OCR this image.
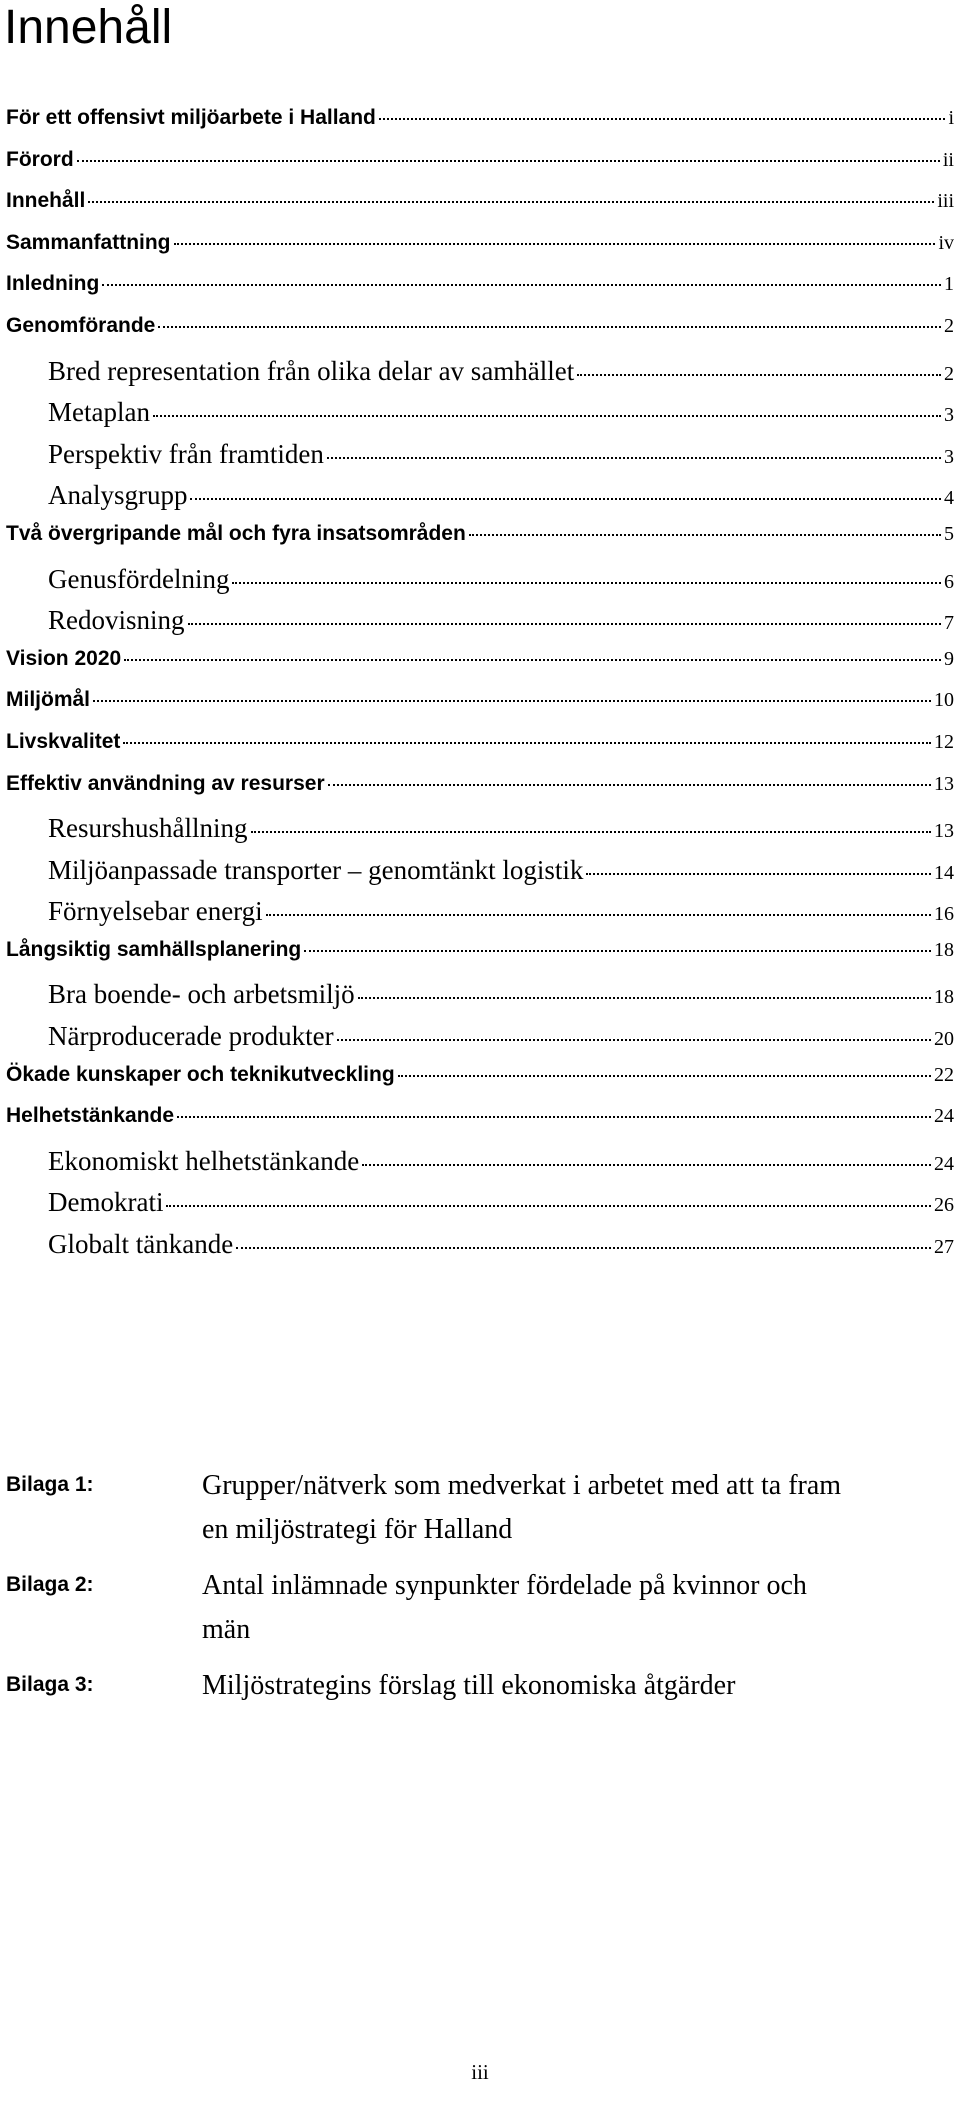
Innehåll
För ett offensivt miljöarbete i Halland	i
Förord	ii
Innehåll	iii
Sammanfattning	iv
Inledning	1
Genomförande	2
Bred representation från olika delar av samhället	2
Metaplan	3
Perspektiv från framtiden	3
Analysgrupp	4
Två övergripande mål och fyra insatsområden	5
Genusfördelning	6
Redovisning	7
Vision 2020	9
Miljömål	10
Livskvalitet	12
Effektiv användning av resurser	13
Resurshushållning	13
Miljöanpassade transporter – genomtänkt logistik	14
Förnyelsebar energi	16
Långsiktig samhällsplanering	18
Bra boende- och arbetsmiljö	18
Närproducerade produkter	20
Ökade kunskaper och teknikutveckling	22
Helhetstänkande	24
Ekonomiskt helhetstänkande	24
Demokrati	26
Globalt tänkande	27
Bilaga 1:	Grupper/nätverk som medverkat i arbetet med att ta fram en miljöstrategi för Halland
Bilaga 2:	Antal inlämnade synpunkter fördelade på kvinnor och män
Bilaga 3:	Miljöstrategins förslag till ekonomiska åtgärder
iii
